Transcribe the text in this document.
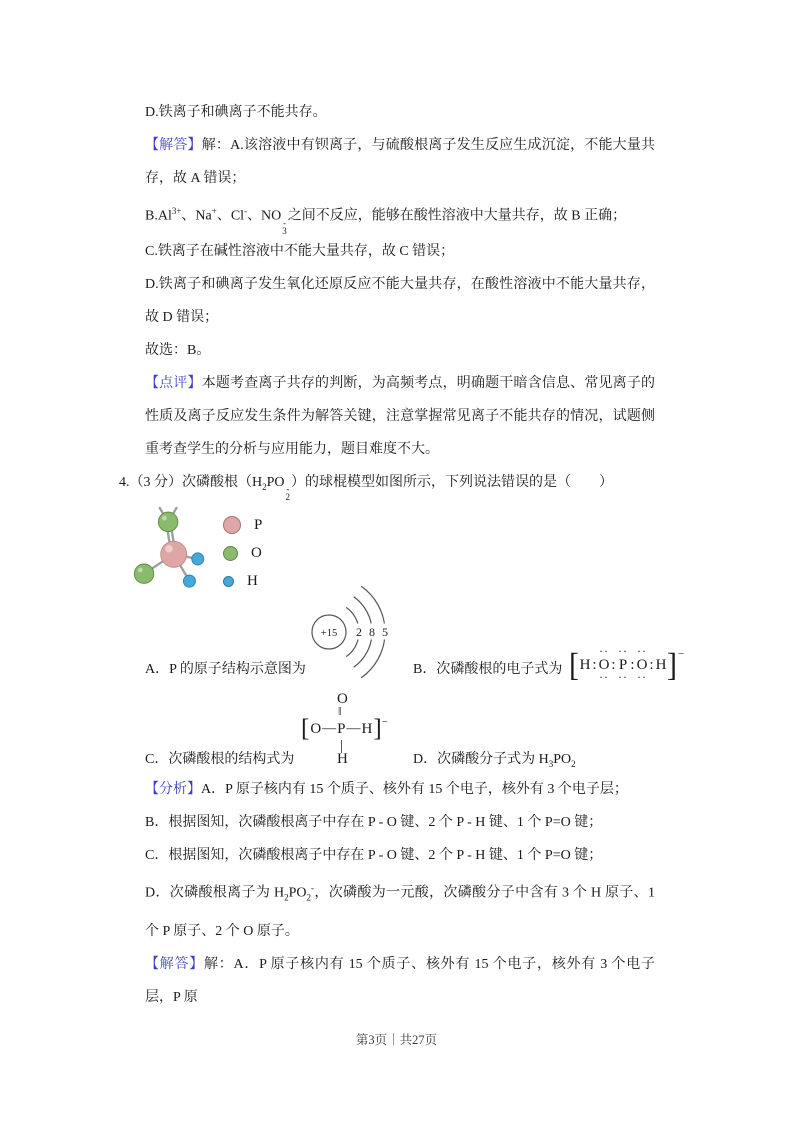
D.铁离子和碘离子不能共存。

【解答】解：A.该溶液中有钡离子，与硫酸根离子发生反应生成沉淀，不能大量共存，故 A 错误；

$B.Al^{3+}$、Na+、Cl-、NO -
3
之间不反应，能够在酸性溶液中大量共存，故 B 正确；

C.铁离子在碱性溶液中不能大量共存，故 C 错误；

D.铁离子和碘离子发生氧化还原反应不能大量共存，在酸性溶液中不能大量共存，故 D 错误；

故选：B。

【点评】本题考查离子共存的判断，为高频考点，明确题干暗含信息、常见离子的性质及离子反应发生条件为解答关键，注意掌握常见离子不能共存的情况，试题侧重考查学生的分析与应用能力，题目难度不大。

4.（3 分）次磷酸根（$H_2PO$ -
2
）的球棍模型如图所示，下列说法错误的是（　　）

P
O
H
+15 2 8 5
A．P 的原子结构示意图为	B．次磷酸根的电子式为 [ H :
··
O
··
:
··
P
··
:
··
O
··
: H ] −
O
‖
[ O — P — H ] −
|
H
C．次磷酸根的结构式为	D．次磷酸分子式为 $H_3PO_2$

【分析】A．P 原子核内有 15 个质子、核外有 15 个电子，核外有 3 个电子层；

B．根据图知，次磷酸根离子中存在 P - O 键、2 个 P - H 键、1 个 P=O 键；

C．根据图知，次磷酸根离子中存在 P - O 键、2 个 P - H 键、1 个 P=O 键；

D．次磷酸根离子为 $H_2PO_2^-$，次磷酸为一元酸，次磷酸分子中含有 3 个 H 原子、1 个 P 原子、2 个 O 原子。

【解答】解：A．P 原子核内有 15 个质子、核外有 15 个电子，核外有 3 个电子层，P 原

第3页｜共27页
